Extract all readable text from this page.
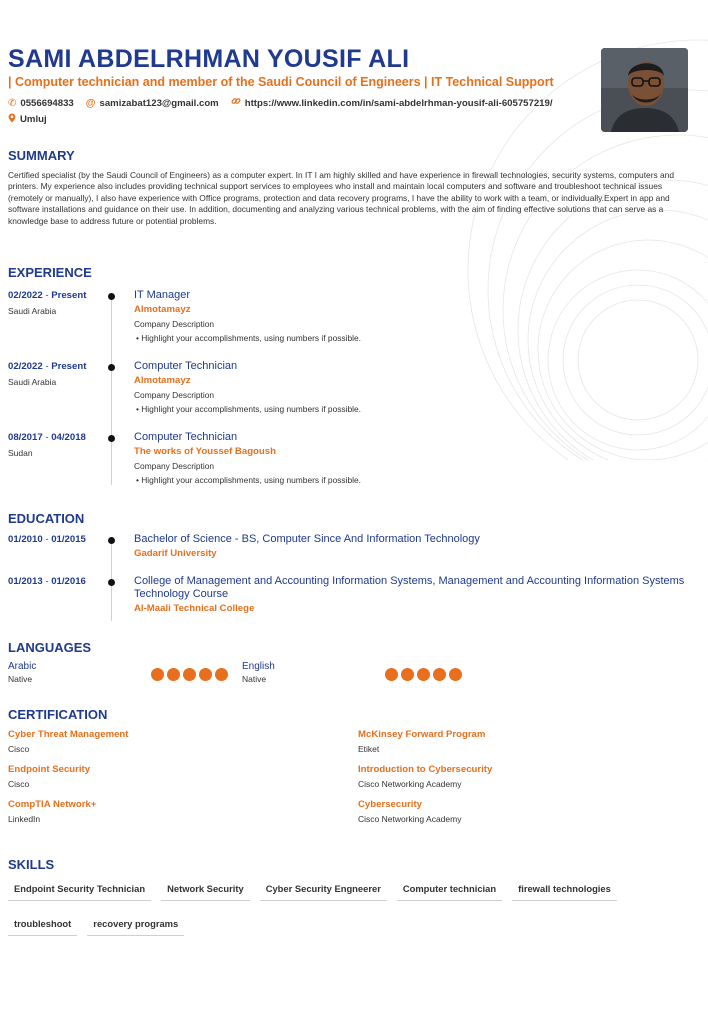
SAMI ABDELRHMAN YOUSIF ALI
| Computer technician and member of the Saudi Council of Engineers | IT Technical Support
✆ 0556694833 @ samizabat123@gmail.com	https://www.linkedin.com/in/sami-abdelrhman-yousif-ali-605757219/
Umluj
SUMMARY

Certified specialist (by the Saudi Council of Engineers) as a computer expert. In IT I am highly skilled and have experience in firewall technologies, security systems, computers and printers. My experience also includes providing technical support services to employees who install and maintain local computers and software and troubleshoot technical issues (remotely or manually), I also have experience with Office programs, protection and data recovery programs, I have the ability to work with a team, or individually.Expert in app and software installations and guidance on their use. In addition, documenting and analyzing various technical problems, with the aim of finding effective solutions that can serve as a knowledge base to address future or potential problems.

EXPERIENCE
02/2022 - Present
Saudi Arabia
IT Manager
Almotamayz
Company Description
• Highlight your accomplishments, using numbers if possible.
02/2022 - Present
Saudi Arabia
Computer Technician
Almotamayz
Company Description
• Highlight your accomplishments, using numbers if possible.
08/2017 - 04/2018
Sudan
Computer Technician
The works of Youssef Bagoush
Company Description
• Highlight your accomplishments, using numbers if possible.
EDUCATION
01/2010 - 01/2015	Bachelor of Science - BS, Computer Since And Information Technology
Gadarif University
01/2013 - 01/2016	College of Management and Accounting Information Systems, Management and Accounting Information Systems Technology Course
Al-Maali Technical College
LANGUAGES
Arabic
Native
English
Native
CERTIFICATION
Cyber Threat Management
Cisco
McKinsey Forward Program
Etiket
Endpoint Security
Cisco
Introduction to Cybersecurity
Cisco Networking Academy
CompTIA Network+
LinkedIn
Cybersecurity
Cisco Networking Academy
SKILLS
Endpoint Security Technician	Network Security	Cyber Security Engneerer	Computer technician	firewall technologies
troubleshoot	recovery programs
